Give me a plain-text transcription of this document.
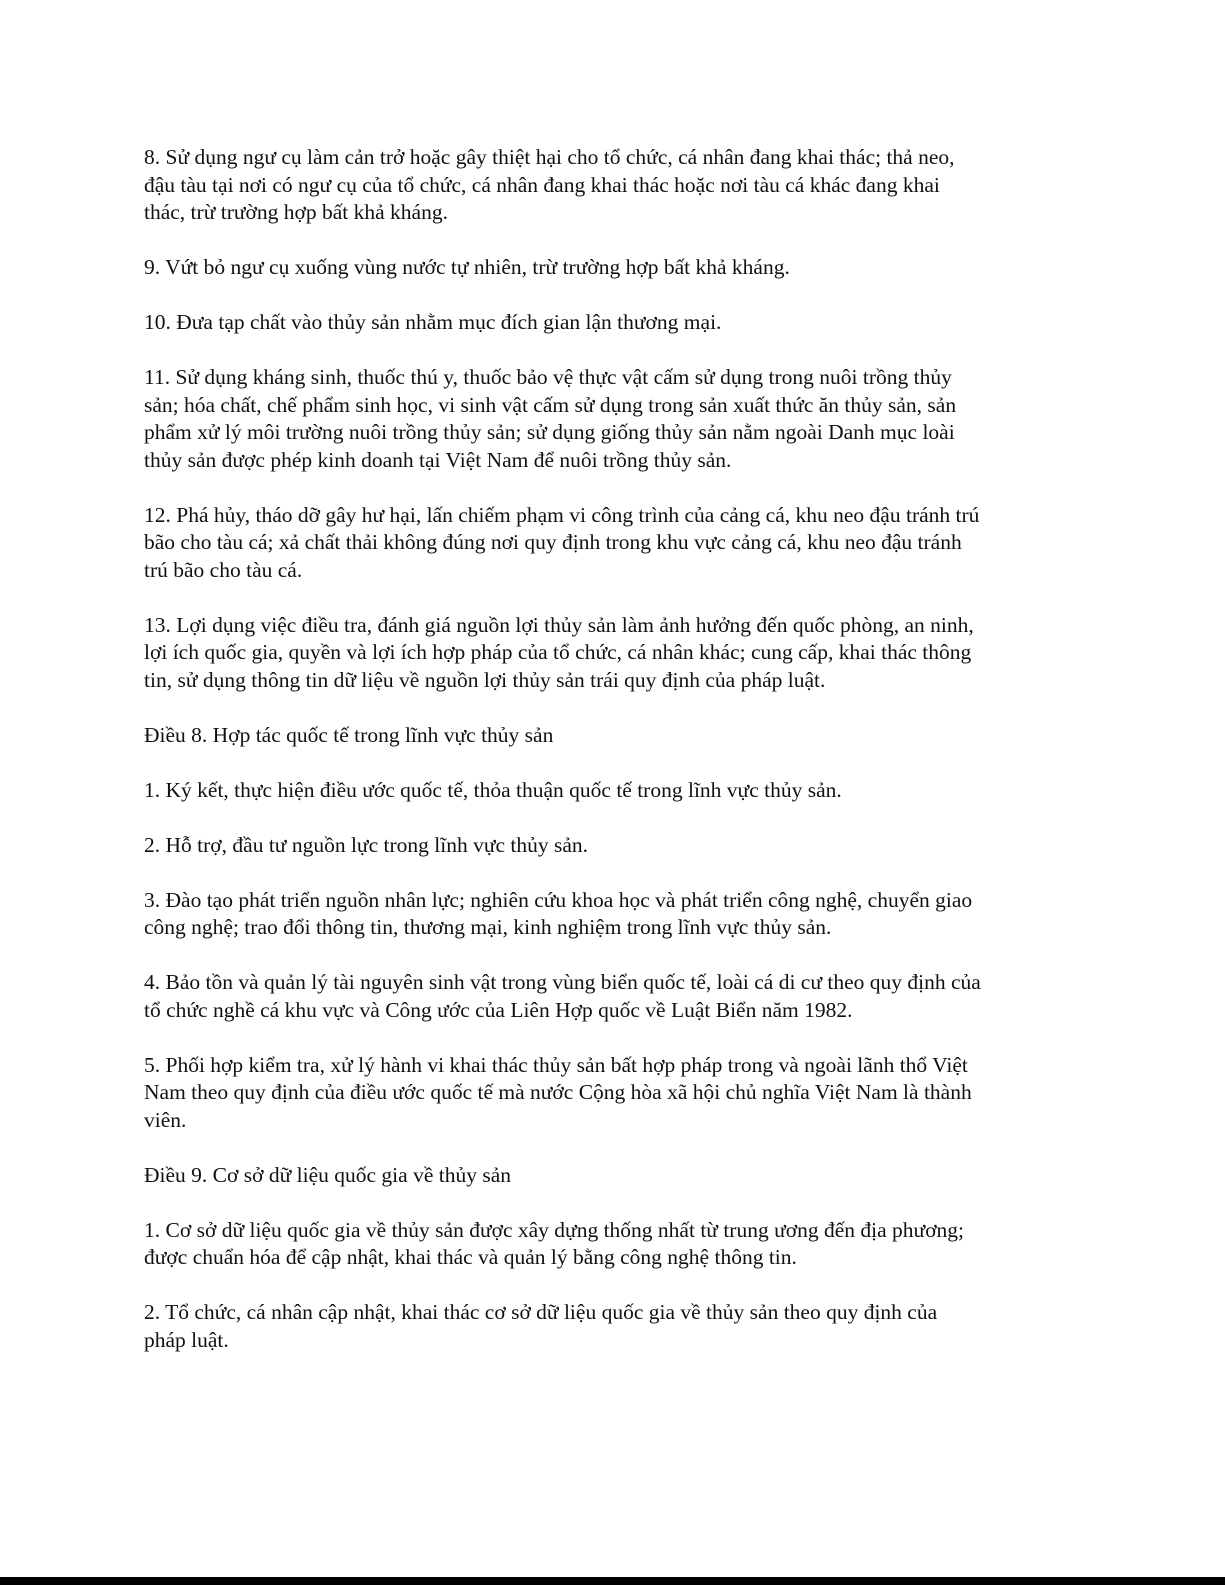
8. Sử dụng ngư cụ làm cản trở hoặc gây thiệt hại cho tổ chức, cá nhân đang khai thác; thả neo,
đậu tàu tại nơi có ngư cụ của tổ chức, cá nhân đang khai thác hoặc nơi tàu cá khác đang khai
thác, trừ trường hợp bất khả kháng.

9. Vứt bỏ ngư cụ xuống vùng nước tự nhiên, trừ trường hợp bất khả kháng.

10. Đưa tạp chất vào thủy sản nhằm mục đích gian lận thương mại.

11. Sử dụng kháng sinh, thuốc thú y, thuốc bảo vệ thực vật cấm sử dụng trong nuôi trồng thủy
sản; hóa chất, chế phẩm sinh học, vi sinh vật cấm sử dụng trong sản xuất thức ăn thủy sản, sản
phẩm xử lý môi trường nuôi trồng thủy sản; sử dụng giống thủy sản nằm ngoài Danh mục loài
thủy sản được phép kinh doanh tại Việt Nam để nuôi trồng thủy sản.

12. Phá hủy, tháo dỡ gây hư hại, lấn chiếm phạm vi công trình của cảng cá, khu neo đậu tránh trú
bão cho tàu cá; xả chất thải không đúng nơi quy định trong khu vực cảng cá, khu neo đậu tránh
trú bão cho tàu cá.

13. Lợi dụng việc điều tra, đánh giá nguồn lợi thủy sản làm ảnh hưởng đến quốc phòng, an ninh,
lợi ích quốc gia, quyền và lợi ích hợp pháp của tổ chức, cá nhân khác; cung cấp, khai thác thông
tin, sử dụng thông tin dữ liệu về nguồn lợi thủy sản trái quy định của pháp luật.

Điều 8. Hợp tác quốc tế trong lĩnh vực thủy sản

1. Ký kết, thực hiện điều ước quốc tế, thỏa thuận quốc tế trong lĩnh vực thủy sản.

2. Hỗ trợ, đầu tư nguồn lực trong lĩnh vực thủy sản.

3. Đào tạo phát triển nguồn nhân lực; nghiên cứu khoa học và phát triển công nghệ, chuyển giao
công nghệ; trao đổi thông tin, thương mại, kinh nghiệm trong lĩnh vực thủy sản.

4. Bảo tồn và quản lý tài nguyên sinh vật trong vùng biển quốc tế, loài cá di cư theo quy định của
tổ chức nghề cá khu vực và Công ước của Liên Hợp quốc về Luật Biển năm 1982.

5. Phối hợp kiểm tra, xử lý hành vi khai thác thủy sản bất hợp pháp trong và ngoài lãnh thổ Việt
Nam theo quy định của điều ước quốc tế mà nước Cộng hòa xã hội chủ nghĩa Việt Nam là thành
viên.

Điều 9. Cơ sở dữ liệu quốc gia về thủy sản

1. Cơ sở dữ liệu quốc gia về thủy sản được xây dựng thống nhất từ trung ương đến địa phương;
được chuẩn hóa để cập nhật, khai thác và quản lý bằng công nghệ thông tin.

2. Tổ chức, cá nhân cập nhật, khai thác cơ sở dữ liệu quốc gia về thủy sản theo quy định của
pháp luật.
